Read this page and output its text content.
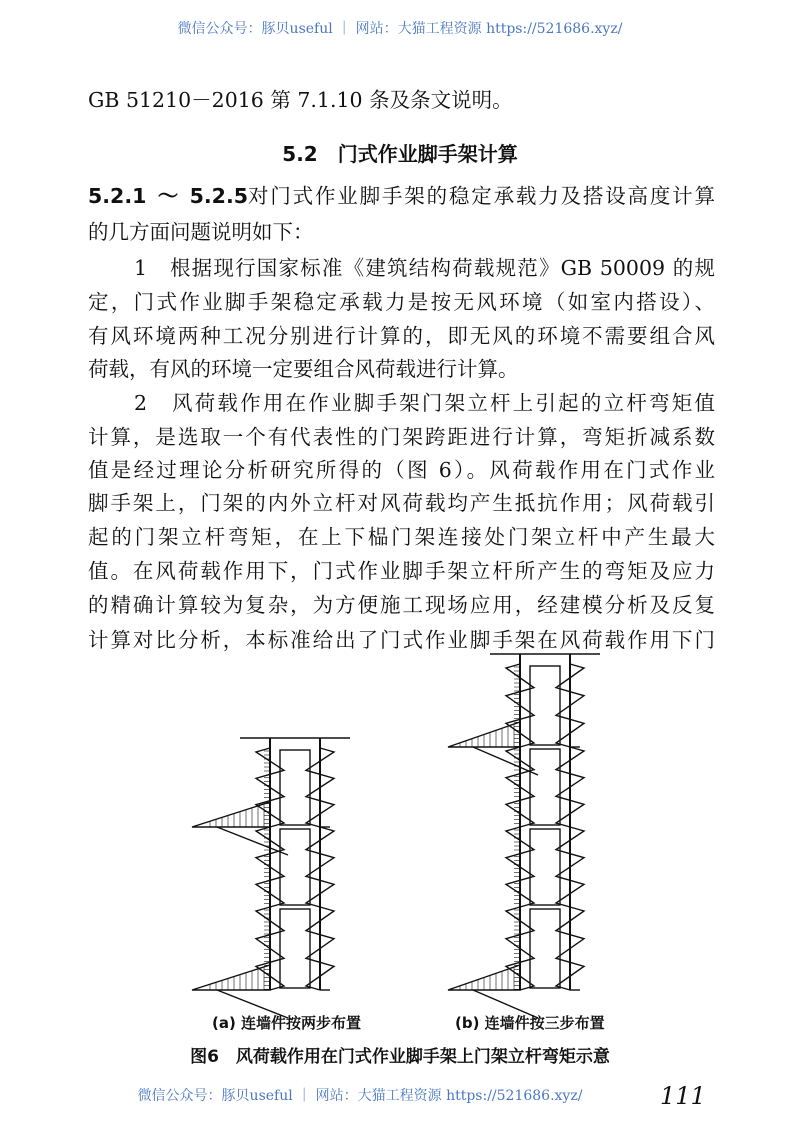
微信公众号：豚贝useful ｜ 网站：大猫工程资源 https://521686.xyz/
GB 51210－2016 第 7.1.10 条及条文说明。
5.2　门式作业脚手架计算
5.2.1～5.2.5对门式作业脚手架的稳定承载力及搭设高度计算
的几方面问题说明如下：
1　根据现行国家标准《建筑结构荷载规范》GB 50009 的规
定，门式作业脚手架稳定承载力是按无风环境（如室内搭设）、
有风环境两种工况分别进行计算的，即无风的环境不需要组合风
荷载，有风的环境一定要组合风荷载进行计算。
2　风荷载作用在作业脚手架门架立杆上引起的立杆弯矩值
计算，是选取一个有代表性的门架跨距进行计算，弯矩折减系数
值是经过理论分析研究所得的（图 6）。风荷载作用在门式作业
脚手架上，门架的内外立杆对风荷载均产生抵抗作用；风荷载引
起的门架立杆弯矩，在上下榀门架连接处门架立杆中产生最大
值。在风荷载作用下，门式作业脚手架立杆所产生的弯矩及应力
的精确计算较为复杂，为方便施工现场应用，经建模分析及反复
计算对比分析，本标准给出了门式作业脚手架在风荷载作用下门
(a) 连墙件按两步布置	(b) 连墙件按三步布置
图6　风荷载作用在门式作业脚手架上门架立杆弯矩示意
微信公众号：豚贝useful ｜ 网站：大猫工程资源 https://521686.xyz/	111
